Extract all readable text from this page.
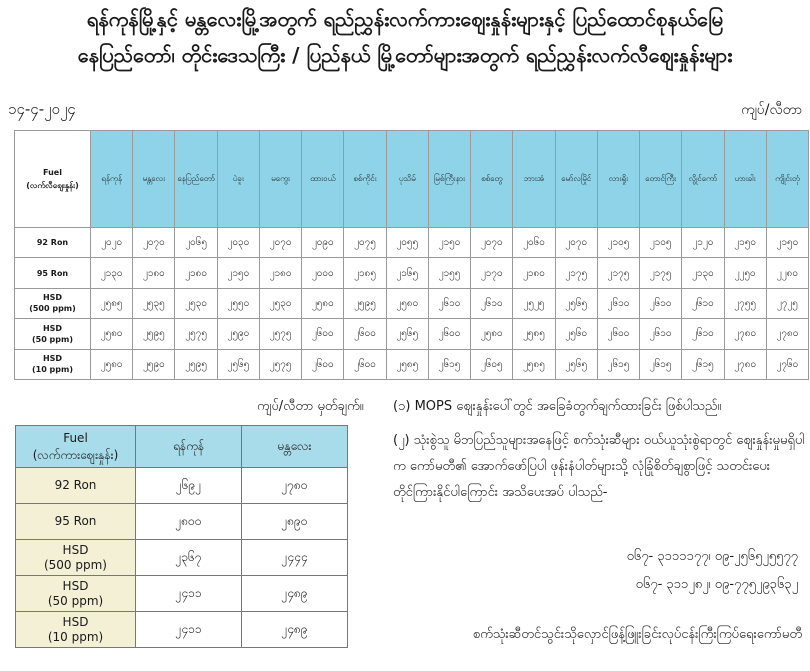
ရန်ကုန်မြို့နှင့် မန္တလေးမြို့အတွက် ရည်ညွှန်းလက်ကားဈေးနှုန်းများနှင့် ပြည်ထောင်စုနယ်မြေ
နေပြည်တော်၊ တိုင်းဒေသကြီး / ပြည်နယ် မြို့တော်များအတွက် ရည်ညွှန်းလက်လီဈေးနှုန်းများ
၁၄-၄-၂၀၂၄	ကျပ်/လီတာ
Fuel
(လက်လီဈေးနှုန်း)	ရန်ကုန်	မန္တလေး	နေပြည်တော်	ပဲခူး	မကွေး	ထားဝယ်	စစ်ကိုင်း	ပုသိမ်	မြစ်ကြီးနား	စစ်တွေ	ဘားအံ	မော်လမြိုင်	လားရှိုး	တောင်ကြီး	လွိုင်ကော်	ဟားခါး	ကျိုင်းတုံ

92 Ron	၂၀၂၀	၂၀၇၀	၂၀၆၅	၂၀၃၀	၂၀၇၀	၂၀၉၀	၂၀၇၅	၂၀၅၅	၂၁၅၀	၂၀၇၀	၂၀၆၀	၂၀၇၀	၂၁၀၅	၂၁၀၅	၂၁၂၀	၂၁၅၀	၂၁၅၀

95 Ron	၂၁၃၀	၂၁၈၀	၂၁၈၀	၂၁၅၀	၂၁၈၀	၂၀၀၀	၂၁၈၅	၂၁၆၅	၂၁၅၅	၂၁၇၀	၂၁၈၀	၂၁၇၅	၂၁၇၅	၂၁၇၅	၂၁၃၀	၂၂၅၀	၂၂၈၀

HSD
(500 ppm)	၂၅၈၅	၂၅၃၅	၂၅၃၀	၂၅၅၀	၂၅၃၀	၂၅၈၀	၂၅၉၅	၂၅၈၀	၂၆၁၀	၂၆၁၀	၂၅၂၅	၂၅၆၅	၂၆၁၀	၂၆၁၀	၂၆၁၀	၂၇၅၅	၂၇၂၅

HSD
(50 ppm)	၂၅၈၀	၂၅၉၅	၂၅၇၅	၂၅၉၀	၂၅၇၅	၂၆၀၀	၂၆၀၀	၂၅၆၅	၂၆၀၀	၂၅၈၀	၂၅၈၅	၂၅၆၀	၂၆၀၀	၂၆၁၀	၂၆၁၀	၂၇၈၀	၂၇၈၀

HSD
(10 ppm)	၂၅၈၀	၂၅၉၀	၂၅၉၅	၂၅၆၅	၂၅၇၅	၂၆၀၀	၂၆၀၀	၂၅၈၅	၂၆၁၅	၂၆၀၅	၂၅၈၅	၂၅၆၅	၂၆၁၅	၂၆၁၅	၂၆၁၅	၂၇၈၀	၂၇၆၀
ကျပ်/လီတာ မှတ်ချက်။ (၁) MOPS ဈေးနှုန်းပေါ်တွင် အခြေခံတွက်ချက်ထားခြင်း ဖြစ်ပါသည်။
(၂) သုံးစွဲသူ မိဘပြည်သူများအနေဖြင့် စက်သုံးဆီများ ဝယ်ယူသုံးစွဲရာတွင် ဈေးနှုန်းမှုမရှိပါက ကော်မတီ၏ အောက်ဖော်ပြပါ ဖုန်းနံပါတ်များသို့ လုံခြုံစိတ်ချစွာဖြင့် သတင်းပေးတိုင်ကြားနိုင်ပါကြောင်း အသိပေးအပ် ပါသည်-
၀၆၇- ၃၁၁၁၁၇၇၊ ၀၉-၂၅၆၅၂၅၅၇၇
၀၆၇- ၃၁၁၂၈၂၊ ၀၉-၇၇၅၂၉၃၆၃၂
စက်သုံးဆီတင်သွင်းသိုလှောင်ဖြန့်ဖြူးခြင်းလုပ်ငန်းကြီးကြပ်ရေးကော်မတီ
Fuel
(လက်ကားဈေးနှုန်း)	ရန်ကုန်	မန္တလေး

92 Ron	၂၆၉၂	၂၇၈၀

95 Ron	၂၈၀၀	၂၈၉၀

HSD
(500 ppm)	၂၃၆၇	၂၄၄၄

HSD
(50 ppm)	၂၄၁၁	၂၄၈၉

HSD
(10 ppm)	၂၄၁၁	၂၄၈၉
